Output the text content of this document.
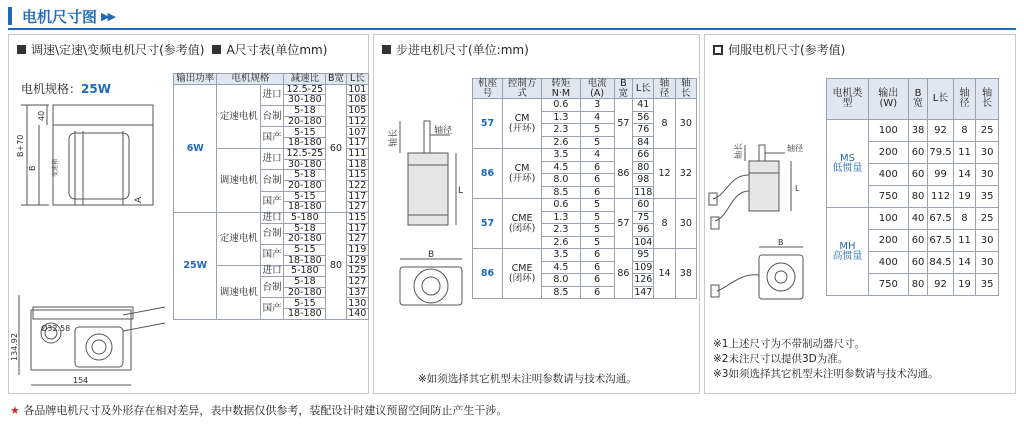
电机尺寸图 ▶▶
调速\定速\变频电机尺寸(参考值) A尺寸表(单位mm)
电机规格：25W
B+70
B
40
变速箱
A
Ø32.58
134.92
154
输出功率	电机规格		减速比	B宽	L长
6W	定速电机	进口	12.5-25	60	101
			30-180		108
		台制	5-18		105
			20-180		112
		国产	5-15		107
			18-180		117
	调速电机	进口	12.5-25		111
			30-180		118
		台制	5-18		115
			20-180		122
		国产	5-15		117
			18-180		127
25W	定速电机	进口	5-180	80	115
		台制	5-18		117
			20-180		127
		国产	5-15		119
			18-180		129
	调速电机	进口	5-180		125
		台制	5-18		127
			20-180		137
		国产	5-15		130
			18-180		140
步进电机尺寸(单位:mm)
轴长	轴径
L
B
机座号	控制方式	转矩N·M	电流(A)	B宽	L长	轴径	轴长
57	CM
(开环)	0.6	3	57	41	8	30
		1.3	4		56		
		2.3	5		76		
		2.6	5		84		
86	CM
(开环)	3.5	4	86	66	12	32
		4.5	6		80		
		8.0	6		98		
		8.5	6		118		
57	CME
(闭环)	0.6	5	57	60	8	30
		1.3	5		75		
		2.3	5		96		
		2.6	5		104		
86	CME
(闭环)	3.5	6	86	95	14	38
		4.5	6		109		
		8.0	6		126		
		8.5	6		147		
※如须选择其它机型未注明参数请与技术沟通。
伺服电机尺寸(参考值)
轴长	轴径
L
B
电机类型	输出(W)	B宽	L长	轴径	轴长

MS
低惯量	100	38	92	8	25
	200	60	79.5	11	30
	400	60	99	14	30
	750	80	112	19	35

MH
高惯量	100	40	67.5	8	25
	200	60	67.5	11	30
	400	60	84.5	14	30
	750	80	92	19	35
※1上述尺寸为不带制动器尺寸。
※2未注尺寸以提供3D为准。
※3如须选择其它机型未注明参数请与技术沟通。
★ 各品牌电机尺寸及外形存在相对差异，表中数据仅供参考，装配设计时建议预留空间防止产生干涉。
